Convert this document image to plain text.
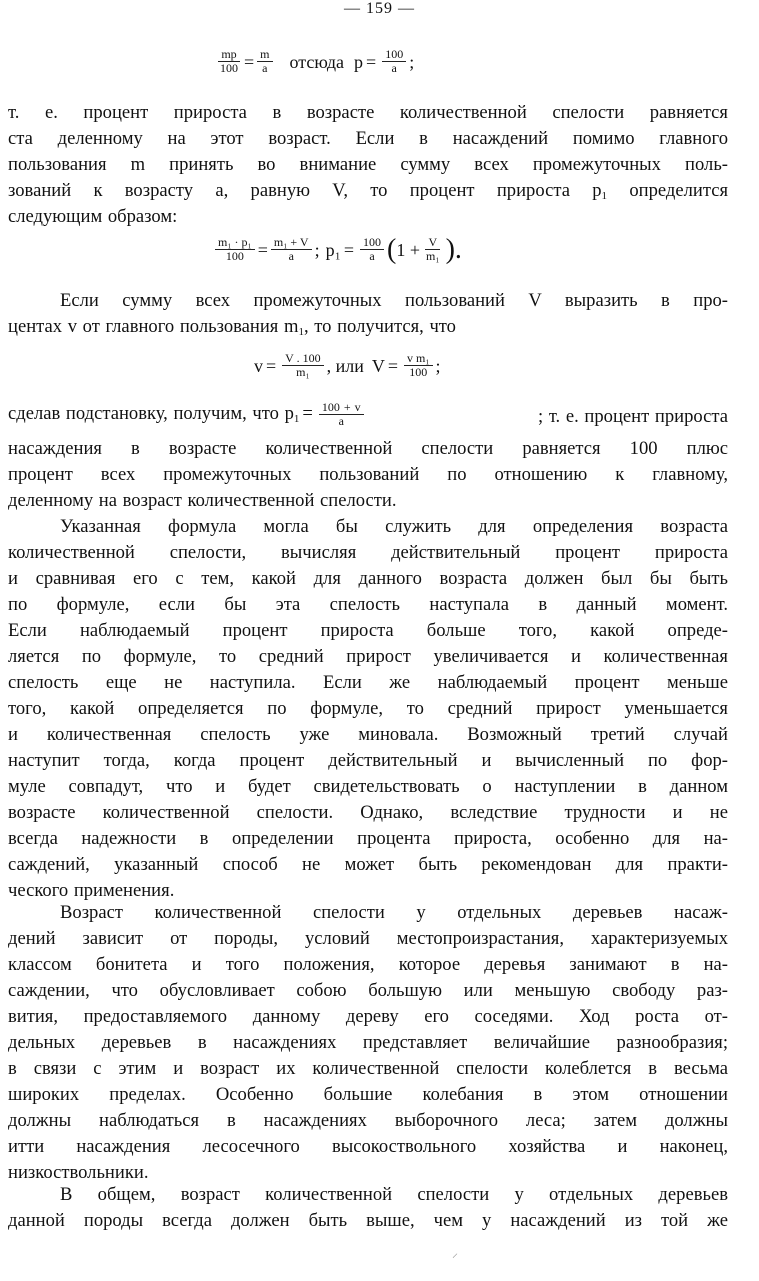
— 159 —
$\frac{mp}{100} = \frac{m}{a}$ отсюда $p = \frac{100}{a}$ ;

т. е. процент прироста в возрасте количественной спелости равняется

ста деленному на этот возраст. Если в насаждений помимо главного

пользования m принять во внимание сумму всех промежуточных поль-

зований к возрасту a, равную V, то процент прироста $p_1$ определится

следующим образом:

$\frac{\text{m₁ · p₁}}{100} = \frac{\text{m₁ + V}}{a}$ ; $p_1 = \frac{100}{a}$ ( $1 + \frac{V}{\text{m₁}}$ ).

Если сумму всех промежуточных пользований V выразить в про-

центах v от главного пользования $m_1$, то получится, что

$v = \frac{V . 100}{\text{m₁}}$ , или $V = \frac{\text{v m₁}}{100}$ ;
сделав подстановку, получим, что $p_1 = \frac{100 + v}{a}$	; т. е. процент прироста

насаждения в возрасте количественной спелости равняется 100 плюс

процент всех промежуточных пользований по отношению к главному,

деленному на возраст количественной спелости.

Указанная формула могла бы служить для определения возраста

количественной спелости, вычисляя действительный процент прироста

и сравнивая его с тем, какой для данного возраста должен был бы быть

по формуле, если бы эта спелость наступала в данный момент.

Если наблюдаемый процент прироста больше того, какой опреде-

ляется по формуле, то средний прирост увеличивается и количественная

спелость еще не наступила. Если же наблюдаемый процент меньше

того, какой определяется по формуле, то средний прирост уменьшается

и количественная спелость уже миновала. Возможный третий случай

наступит тогда, когда процент действительный и вычисленный по фор-

муле совпадут, что и будет свидетельствовать о наступлении в данном

возрасте количественной спелости. Однако, вследствие трудности и не

всегда надежности в определении процента прироста, особенно для на-

саждений, указанный способ не может быть рекомендован для практи-

ческого применения.

Возраст количественной спелости у отдельных деревьев насаж-

дений зависит от породы, условий местопроизрастания, характеризуемых

классом бонитета и того положения, которое деревья занимают в на-

саждении, что обусловливает собою большую или меньшую свободу раз-

вития, предоставляемого данному дереву его соседями. Ход роста от-

дельных деревьев в насаждениях представляет величайшие разнообразия;

в связи с этим и возраст их количественной спелости колеблется в весьма

широких пределах. Особенно большие колебания в этом отношении

должны наблюдаться в насаждениях выборочного леса; затем должны

итти насаждения лесосечного высокоствольного хозяйства и наконец,

низкоствольники.

В общем, возраст количественной спелости у отдельных деревьев

данной породы всегда должен быть выше, чем у насаждений из той же

⸝
